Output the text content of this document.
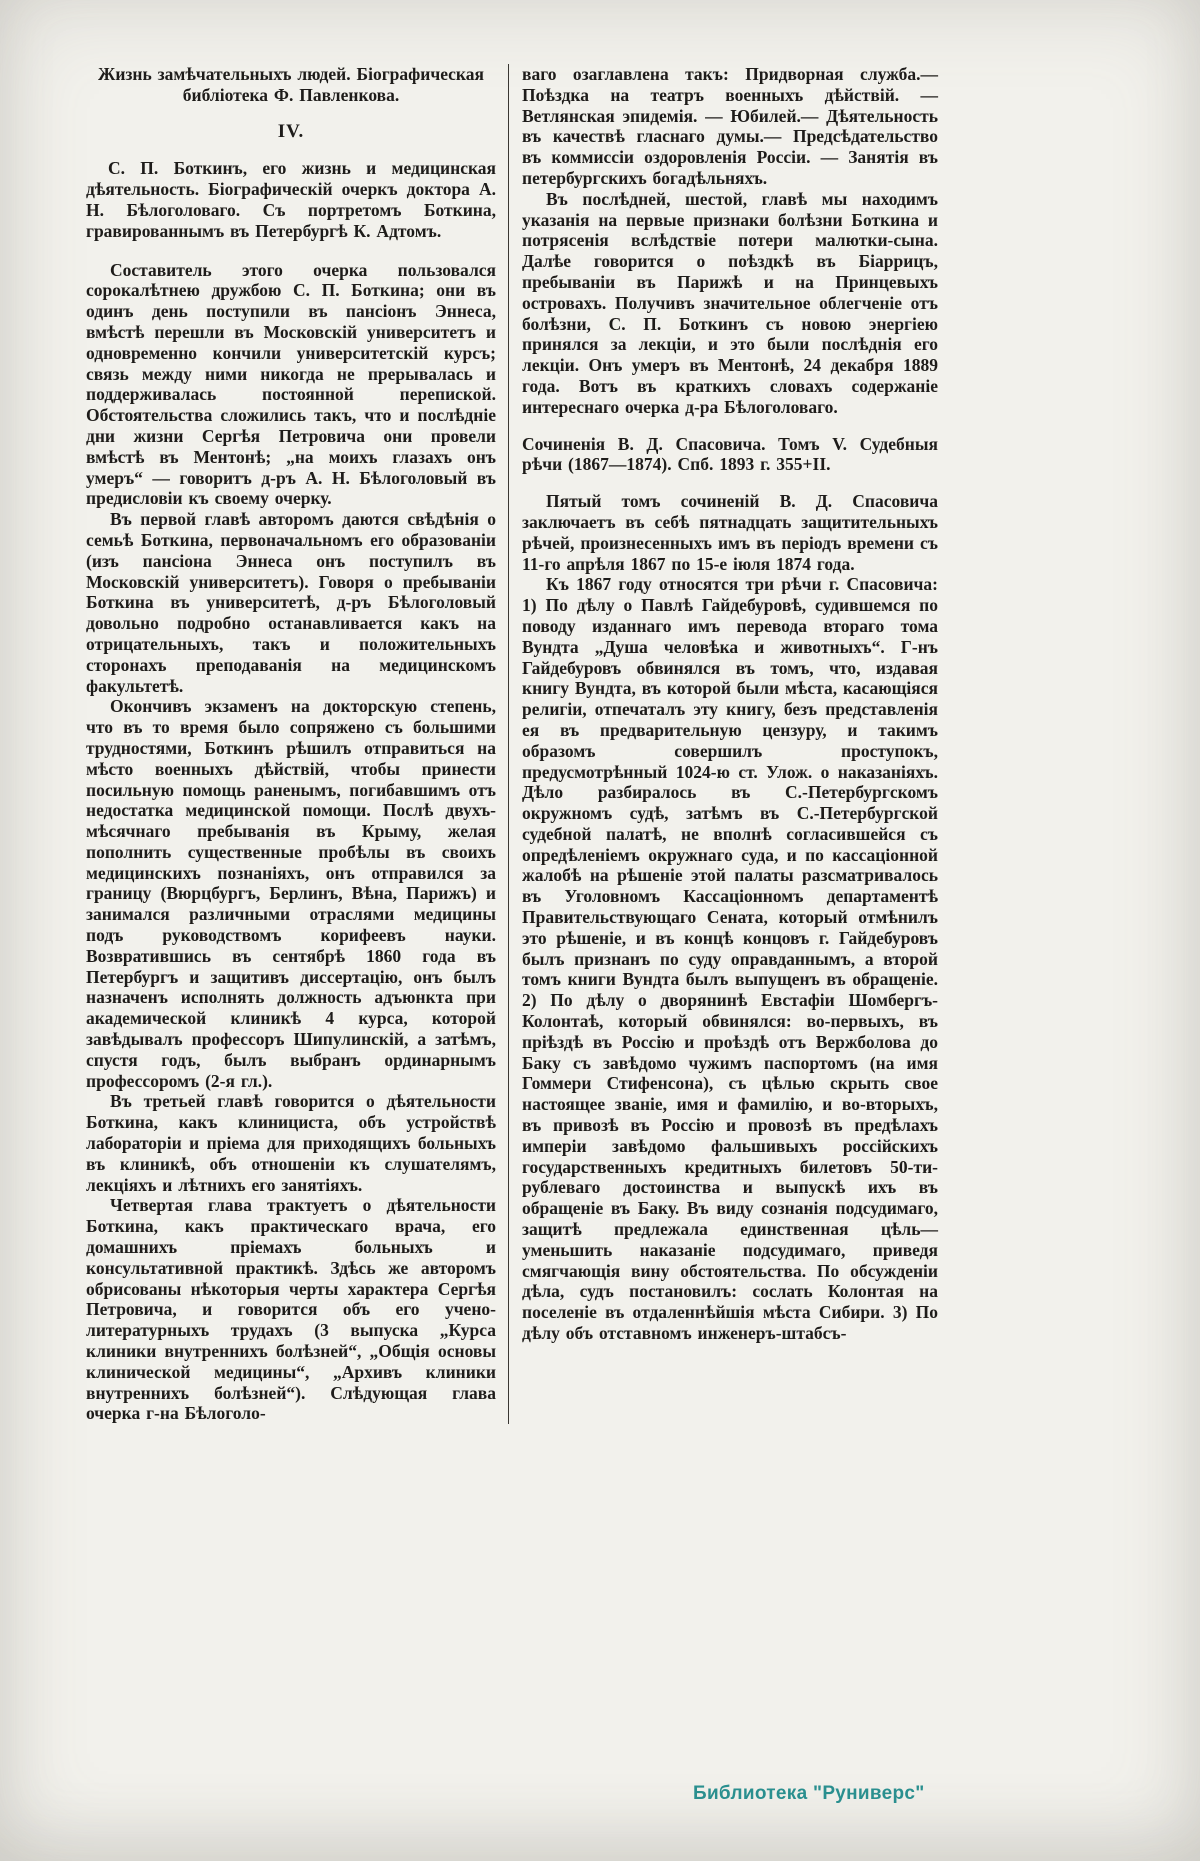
Жизнь замѣчательныхъ людей. Біографическая библіотека Ф. Павленкова.

IV.

С. П. Боткинъ, его жизнь и медицинская дѣятельность. Біографическій очеркъ доктора А. Н. Бѣлоголоваго. Съ портретомъ Боткина, гравированнымъ въ Петербургѣ К. Адтомъ.

Составитель этого очерка пользовался сорокалѣтнею дружбою С. П. Боткина; они въ одинъ день поступили въ пансіонъ Эннеса, вмѣстѣ перешли въ Московскій университетъ и одновременно кончили университетскій курсъ; связь между ними никогда не прерывалась и поддерживалась постоянной перепиской. Обстоятельства сложились такъ, что и послѣдніе дни жизни Сергѣя Петровича они провели вмѣстѣ въ Ментонѣ; „на моихъ глазахъ онъ умеръ“ — говоритъ д-ръ А. Н. Бѣлоголовый въ предисловіи къ своему очерку.

Въ первой главѣ авторомъ даются свѣдѣнія о семьѣ Боткина, первоначальномъ его образованіи (изъ пансіона Эннеса онъ поступилъ въ Московскій университетъ). Говоря о пребываніи Боткина въ университетѣ, д-ръ Бѣлоголовый довольно подробно останавливается какъ на отрицательныхъ, такъ и положительныхъ сторонахъ преподаванія на медицинскомъ факультетѣ.

Окончивъ экзаменъ на докторскую степень, что въ то время было сопряжено съ большими трудностями, Боткинъ рѣшилъ отправиться на мѣсто военныхъ дѣйствій, чтобы принести посильную помощь раненымъ, погибавшимъ отъ недостатка медицинской помощи. Послѣ двухъ-мѣсячнаго пребыванія въ Крыму, желая пополнить существенные пробѣлы въ своихъ медицинскихъ познаніяхъ, онъ отправился за границу (Вюрцбургъ, Берлинъ, Вѣна, Парижъ) и занимался различными отраслями медицины подъ руководствомъ корифеевъ науки. Возвратившись въ сентябрѣ 1860 года въ Петербургъ и защитивъ диссертацію, онъ былъ назначенъ исполнять должность адъюнкта при академической клиникѣ 4 курса, которой завѣдывалъ профессоръ Шипулинскій, а затѣмъ, спустя годъ, былъ выбранъ ординарнымъ профессоромъ (2-я гл.).

Въ третьей главѣ говорится о дѣятельности Боткина, какъ клинициста, объ устройствѣ лабораторіи и пріема для приходящихъ больныхъ въ клиникѣ, объ отношеніи къ слушателямъ, лекціяхъ и лѣтнихъ его занятіяхъ.

Четвертая глава трактуетъ о дѣятельности Боткина, какъ практическаго врача, его домашнихъ пріемахъ больныхъ и консультативной практикѣ. Здѣсь же авторомъ обрисованы нѣкоторыя черты характера Сергѣя Петровича, и говорится объ его учено-литературныхъ трудахъ (3 выпуска „Курса клиники внутреннихъ болѣзней“, „Общія основы клинической медицины“, „Архивъ клиники внутреннихъ болѣзней“). Слѣдующая глава очерка г-на Бѣлоголо-

ваго озаглавлена такъ: Придворная служба.—Поѣздка на театръ военныхъ дѣйствій. — Ветлянская эпидемія. — Юбилей.— Дѣятельность въ качествѣ гласнаго думы.— Предсѣдательство въ коммиссіи оздоровленія Россіи. — Занятія въ петербургскихъ богадѣльняхъ.

Въ послѣдней, шестой, главѣ мы находимъ указанія на первые признаки болѣзни Боткина и потрясенія вслѣдствіе потери малютки-сына. Далѣе говорится о поѣздкѣ въ Біаррицъ, пребываніи въ Парижѣ и на Принцевыхъ островахъ. Получивъ значительное облегченіе отъ болѣзни, С. П. Боткинъ съ новою энергіею принялся за лекціи, и это были послѣднія его лекціи. Онъ умеръ въ Ментонѣ, 24 декабря 1889 года. Вотъ въ краткихъ словахъ содержаніе интереснаго очерка д-ра Бѣлоголоваго.

Сочиненія В. Д. Спасовича. Томъ V. Судебныя рѣчи (1867—1874). Спб. 1893 г. 355+II.

Пятый томъ сочиненій В. Д. Спасовича заключаетъ въ себѣ пятнадцать защитительныхъ рѣчей, произнесенныхъ имъ въ періодъ времени съ 11-го апрѣля 1867 по 15-е іюля 1874 года.

Къ 1867 году относятся три рѣчи г. Спасовича: 1) По дѣлу о Павлѣ Гайдебуровѣ, судившемся по поводу изданнаго имъ перевода втораго тома Вундта „Душа человѣка и животныхъ“. Г-нъ Гайдебуровъ обвинялся въ томъ, что, издавая книгу Вундта, въ которой были мѣста, касающіяся религіи, отпечаталъ эту книгу, безъ представленія ея въ предварительную цензуру, и такимъ образомъ совершилъ проступокъ, предусмотрѣнный 1024-ю ст. Улож. о наказаніяхъ. Дѣло разбиралось въ С.-Петербургскомъ окружномъ судѣ, затѣмъ въ С.-Петербургской судебной палатѣ, не вполнѣ согласившейся съ опредѣленіемъ окружнаго суда, и по кассаціонной жалобѣ на рѣшеніе этой палаты разсматривалось въ Уголовномъ Кассаціонномъ департаментѣ Правительствующаго Сената, который отмѣнилъ это рѣшеніе, и въ концѣ концовъ г. Гайдебуровъ былъ признанъ по суду оправданнымъ, а второй томъ книги Вундта былъ выпущенъ въ обращеніе. 2) По дѣлу о дворянинѣ Евстафіи Шомбергъ-Колонтаѣ, который обвинялся: во-первыхъ, въ пріѣздѣ въ Россію и проѣздѣ отъ Вержболова до Баку съ завѣдомо чужимъ паспортомъ (на имя Гоммери Стифенсона), съ цѣлью скрыть свое настоящее званіе, имя и фамилію, и во-вторыхъ, въ привозѣ въ Россію и провозѣ въ предѣлахъ имперіи завѣдомо фальшивыхъ россійскихъ государственныхъ кредитныхъ билетовъ 50-ти-рублеваго достоинства и выпускѣ ихъ въ обращеніе въ Баку. Въ виду сознанія подсудимаго, защитѣ предлежала единственная цѣль—уменьшить наказаніе подсудимаго, приведя смягчающія вину обстоятельства. По обсужденіи дѣла, судъ постановилъ: сослать Колонтая на поселеніе въ отдаленнѣйшія мѣста Сибири. 3) По дѣлу объ отставномъ инженеръ-штабсъ-

Библиотека "Руниверс"
